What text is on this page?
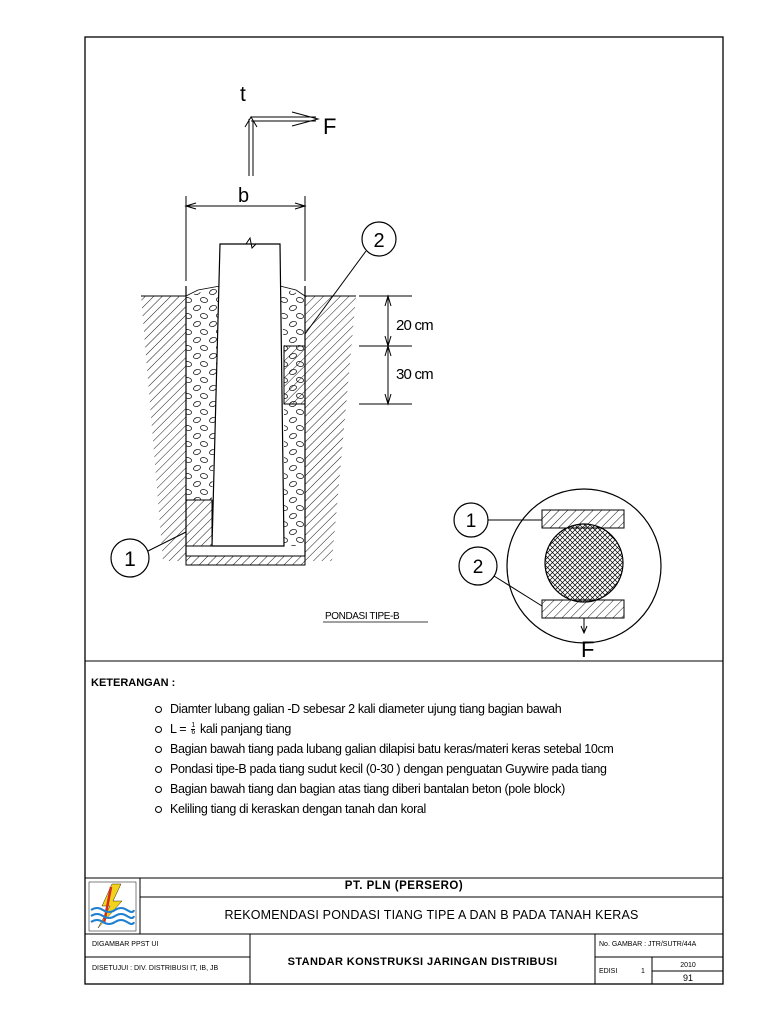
t
F
b
2
1
20 cm
30 cm
PONDASI TIPE-B
1
2
F
DIGAMBAR PPST UI
DISETUJUI : DIV. DISTRIBUSI IT, IB, JB
No. GAMBAR : JTR/SUTR/44A
EDISI	1
2010
91
KETERANGAN :
Diamter lubang galian -D sebesar 2 kali diameter ujung tiang bagian bawah
$L = \frac{1}{6}$ kali panjang tiang
Bagian bawah tiang pada lubang galian dilapisi batu keras/materi keras setebal 10cm
Pondasi tipe-B pada tiang sudut kecil (0-30 ) dengan penguatan Guywire pada tiang
Bagian bawah tiang dan bagian atas tiang diberi bantalan beton (pole block)
Keliling tiang di keraskan dengan tanah dan koral
PT. PLN (PERSERO)
REKOMENDASI PONDASI TIANG TIPE A DAN B PADA TANAH KERAS
STANDAR KONSTRUKSI JARINGAN DISTRIBUSI
